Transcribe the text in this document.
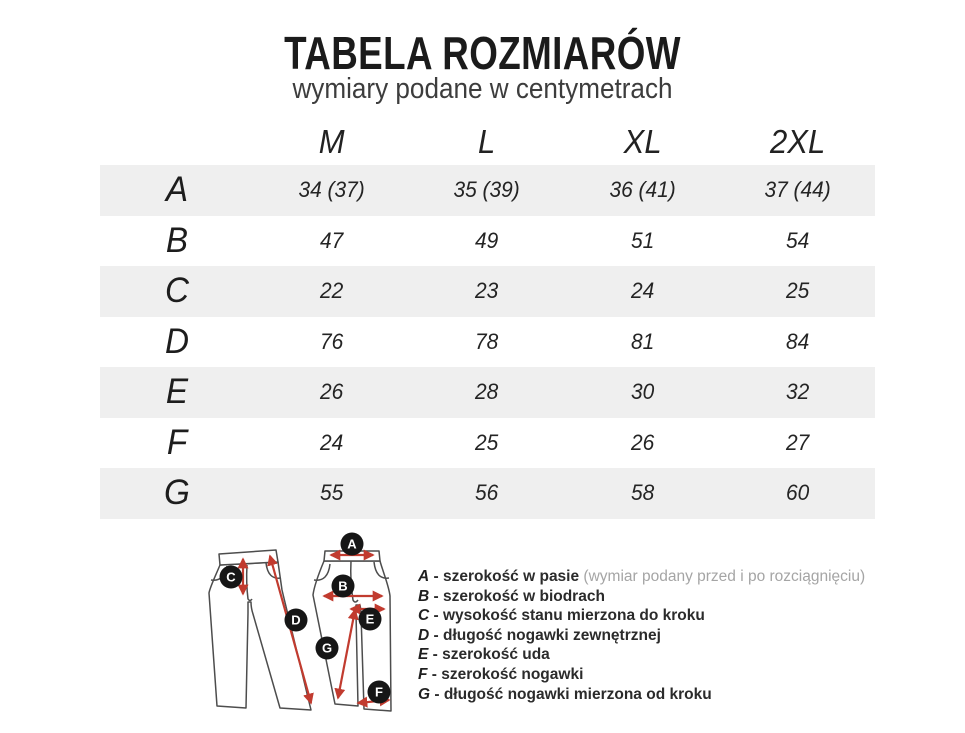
TABELA ROZMIARÓW
wymiary podane w centymetrach
M	L	XL	2XL
A	34 (37)	35 (39)	36 (41)	37 (44)
B	47	49	51	54
C	22	23	24	25
D	76	78	81	84
E	26	28	30	32
F	24	25	26	27
G	55	56	58	60
C
D
A
B
E
G
F
A - szerokość w pasie (wymiar podany przed i po rozciągnięciu)
B - szerokość w biodrach
C - wysokość stanu mierzona do kroku
D - długość nogawki zewnętrznej
E - szerokość uda
F - szerokość nogawki
G - długość nogawki mierzona od kroku
